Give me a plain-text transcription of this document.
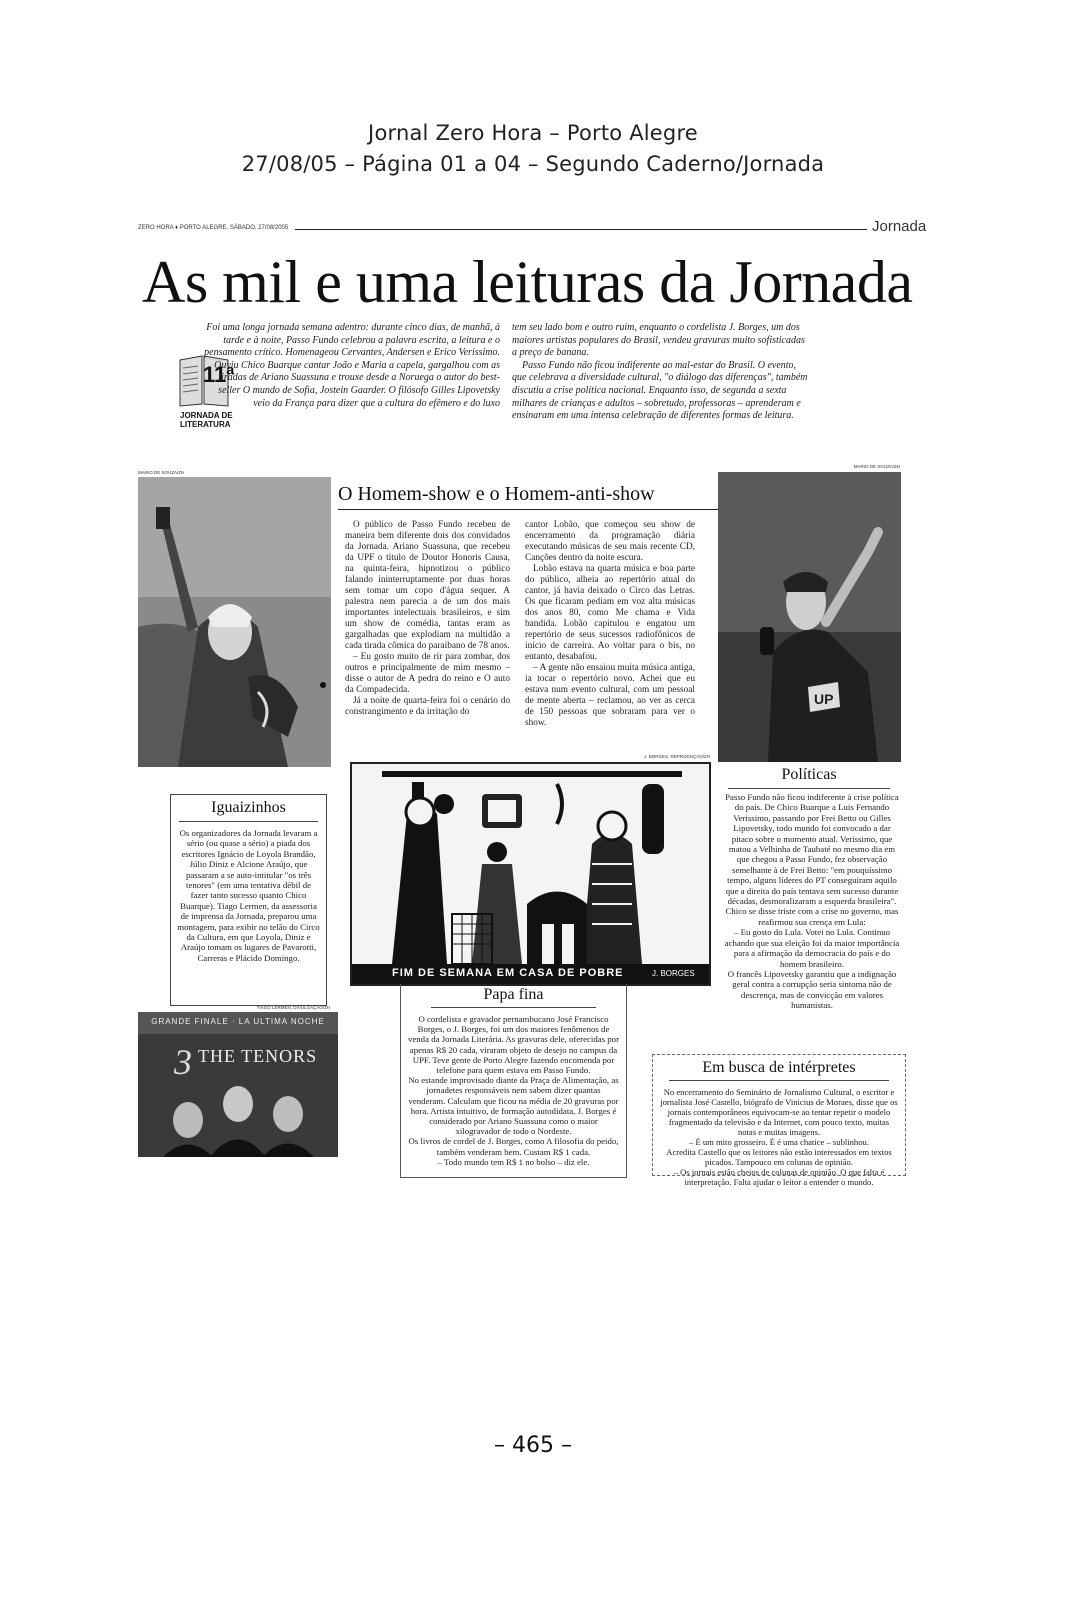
Jornal Zero Hora – Porto Alegre
27/08/05 – Página 01 a 04 – Segundo Caderno/Jornada
ZERO HORA ♦ PORTO ALEGRE, SÁBADO, 27/08/2005	Jornada
As mil e uma leituras da Jornada
11ª
JORNADA DE
LITERATURA

Foi uma longa jornada semana adentro: durante cinco dias, de manhã, à tarde e à noite, Passo Fundo celebrou a palavra escrita, a leitura e o pensamento crítico. Homenageou Cervantes, Andersen e Erico Verissimo. Ouviu Chico Buarque cantar João e Maria a capela, gargalhou com as tiradas de Ariano Suassuna e trouxe desde a Noruega o autor do best-seller O mundo de Sofia, Jostein Gaarder. O filósofo Gilles Lipovetsky veio da França para dizer que a cultura do efêmero e do luxo

tem seu lado bom e outro ruim, enquanto o cordelista J. Borges, um dos maiores artistas populares do Brasil, vendeu gravuras muito sofisticadas a preço de banana.

Passo Fundo não ficou indiferente ao mal-estar do Brasil. O evento, que celebrava a diversidade cultural, "o diálogo das diferenças", também discutiu a crise política nacional. Enquanto isso, de segunda a sexta milhares de crianças e adultos – sobretudo, professoras – aprenderam e ensinaram em uma intensa celebração de diferentes formas de leitura.

MARIO DE SOUZA/ZH
MARIO DE SOUZA/ZH
UP
O Homem-show e o Homem-anti-show

O público de Passo Fundo recebeu de maneira bem diferente dois dos convidados da Jornada. Ariano Suassuna, que recebeu da UPF o título de Doutor Honoris Causa, na quinta-feira, hipnotizou o público falando ininterruptamente por duas horas sem tomar um copo d'água sequer. A palestra nem parecia a de um dos mais importantes intelectuais brasileiros, e sim um show de comédia, tantas eram as gargalhadas que explodiam na multidão a cada tirada cômica do paraibano de 78 anos.

– Eu gosto muito de rir para zombar, dos outros e principalmente de mim mesmo – disse o autor de A pedra do reino e O auto da Compadecida.

Já a noite de quarta-feira foi o cenário do constrangimento e da irritação do

cantor Lobão, que começou seu show de encerramento da programação diária executando músicas de seu mais recente CD, Canções dentro da noite escura.

Lobão estava na quarta música e boa parte do público, alheia ao repertório atual do cantor, já havia deixado o Circo das Letras. Os que ficaram pediam em voz alta músicas dos anos 80, como Me chama e Vida bandida. Lobão capitulou e engatou um repertório de seus sucessos radiofônicos de início de carreira. Ao voltar para o bis, no entanto, desabafou.

– A gente não ensaiou muita música antiga, ia tocar o repertório novo. Achei que eu estava num evento cultural, com um pessoal de mente aberta – reclamou, ao ver as cerca de 150 pessoas que sobraram para ver o show.

J. BORGES, REPRODUÇÃO/ZH
FIM DE SEMANA EM CASA DE POBRE	J. BORGES
Iguaizinhos
Os organizadores da Jornada levaram a sério (ou quase a sério) a piada dos escritores Ignácio de Loyola Brandão, Júlio Diniz e Alcione Araújo, que passaram a se auto-intitular "os três tenores" (em uma tentativa débil de fazer tanto sucesso quanto Chico Buarque). Tiago Lermen, da assessoria de imprensa da Jornada, preparou uma montagem, para exibir no telão do Circo da Cultura, em que Loyola, Diniz e Araújo tomam os lugares de Pavarotti, Carreras e Plácido Domingo.
TIAGO LERMEN, DIVULGAÇÃO/ZH
3
GRANDE FINALE · LA ULTIMA NOCHE
THE TENORS
Políticas

Passo Fundo não ficou indiferente à crise política do país. De Chico Buarque a Luis Fernando Verissimo, passando por Frei Betto ou Gilles Lipovetsky, todo mundo foi convocado a dar pitaco sobre o momento atual. Verissimo, que matou a Velhinha de Taubaté no mesmo dia em que chegou a Passo Fundo, fez observação semelhante à de Frei Betto: "em pouquíssimo tempo, alguns líderes do PT conseguiram aquilo que a direita do país tentava sem sucesso durante décadas, desmoralizaram a esquerda brasileira". Chico se disse triste com a crise no governo, mas reafirmou sua crença em Lula:

– Eu gosto do Lula. Votei no Lula. Continuo achando que sua eleição foi da maior importância para a afirmação da democracia do país e do homem brasileiro.

O francês Lipovetsky garantiu que a indignação geral contra a corrupção seria sintoma não de descrença, mas de convicção em valores humanistas.

Papa fina

O cordelista e gravador pernambucano José Francisco Borges, o J. Borges, foi um dos maiores fenômenos de venda da Jornada Literária. As gravuras dele, oferecidas por apenas R$ 20 cada, viraram objeto de desejo no campus da UPF. Teve gente de Porto Alegre fazendo encomenda por telefone para quem estava em Passo Fundo.

No estande improvisado diante da Praça de Alimentação, as jornadetes responsáveis nem sabem dizer quantas venderam. Calculam que ficou na média de 20 gravuras por hora. Artista intuitivo, de formação autodidata, J. Borges é considerado por Ariano Suassuna como o maior xilogravador de todo o Nordeste.

Os livros de cordel de J. Borges, como A filosofia do peido, também venderam bem. Custam R$ 1 cada.

– Todo mundo tem R$ 1 no bolso – diz ele.

Em busca de intérpretes

No encerramento do Seminário de Jornalismo Cultural, o escritor e jornalista José Castello, biógrafo de Vinicius de Moraes, disse que os jornais contemporâneos equivocam-se ao tentar repetir o modelo fragmentado da televisão e da Internet, com pouco texto, muitas notas e muitas imagens.

– É um mito grosseiro. É é uma chatice – sublinhou.

Acredita Castello que os leitores não estão interessados em textos picados. Tampouco em colunas de opinião.

– Os jornais estão cheios de colunas de opinião. O que falta é interpretação. Falta ajudar o leitor a entender o mundo.

– 465 –
